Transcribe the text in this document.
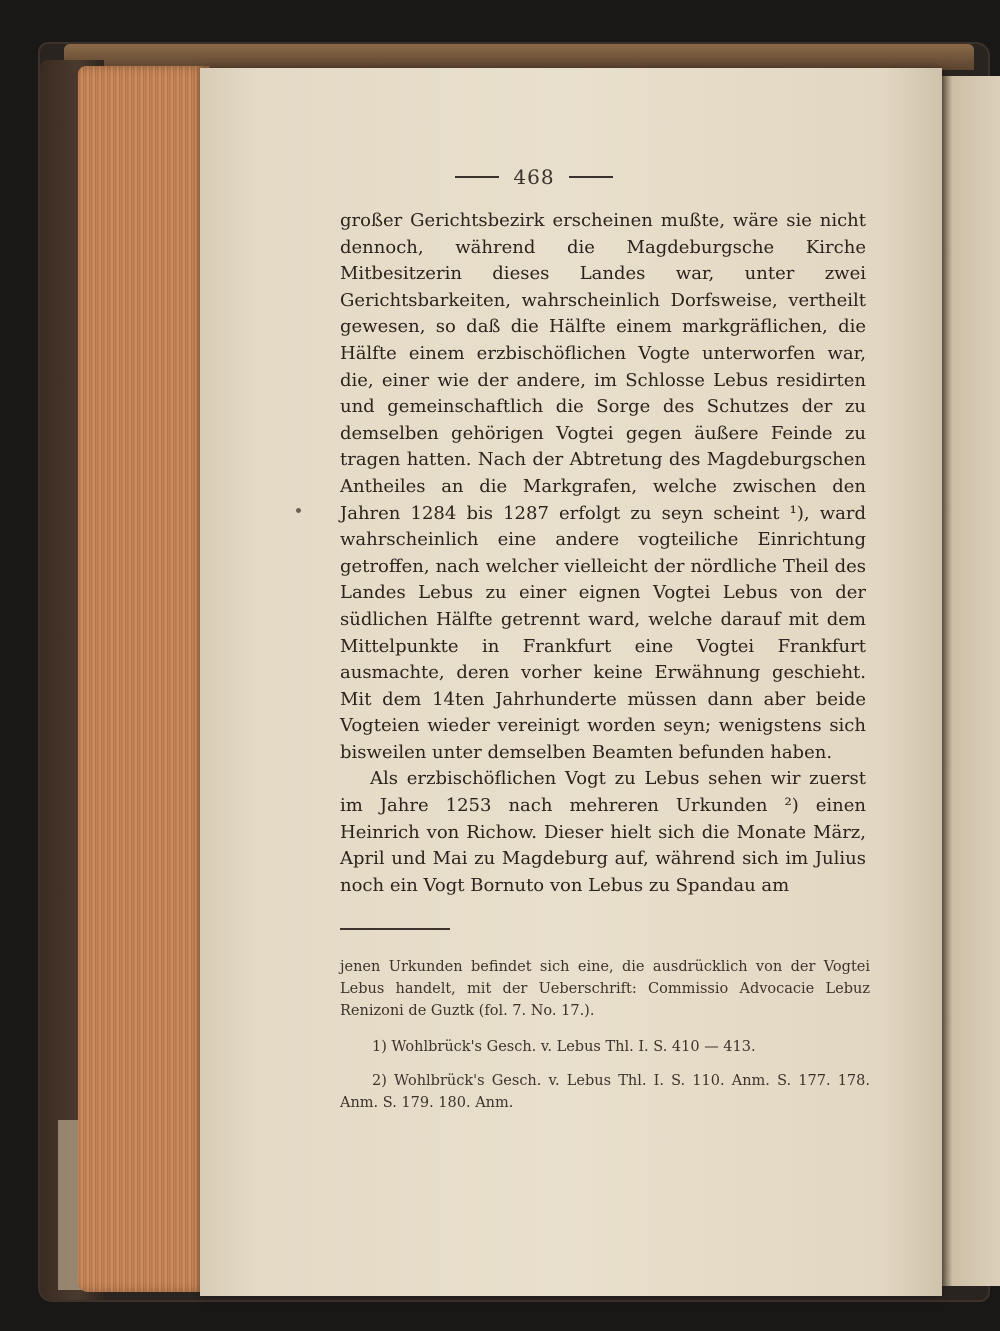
468

großer Gerichtsbezirk erscheinen mußte, wäre sie nicht dennoch, während die Magdeburgsche Kirche Mitbesitzerin dieses Landes war, unter zwei Gerichtsbarkeiten, wahrscheinlich Dorfsweise, vertheilt gewesen, so daß die Hälfte einem markgräflichen, die Hälfte einem erzbischöflichen Vogte unterworfen war, die, einer wie der andere, im Schlosse Lebus residirten und gemeinschaftlich die Sorge des Schutzes der zu demselben gehörigen Vogtei gegen äußere Feinde zu tragen hatten. Nach der Abtretung des Magdeburgschen Antheiles an die Markgrafen, welche zwischen den Jahren 1284 bis 1287 erfolgt zu seyn scheint ¹), ward wahrscheinlich eine andere vogteiliche Einrichtung getroffen, nach welcher vielleicht der nördliche Theil des Landes Lebus zu einer eignen Vogtei Lebus von der südlichen Hälfte getrennt ward, welche darauf mit dem Mittelpunkte in Frankfurt eine Vogtei Frankfurt ausmachte, deren vorher keine Erwähnung geschieht. Mit dem 14ten Jahrhunderte müssen dann aber beide Vogteien wieder vereinigt worden seyn; wenigstens sich bisweilen unter demselben Beamten befunden haben.

Als erzbischöflichen Vogt zu Lebus sehen wir zuerst im Jahre 1253 nach mehreren Urkunden ²) einen Heinrich von Richow. Dieser hielt sich die Monate März, April und Mai zu Magdeburg auf, während sich im Julius noch ein Vogt Bornuto von Lebus zu Spandau am

jenen Urkunden befindet sich eine, die ausdrücklich von der Vogtei Lebus handelt, mit der Ueberschrift: Commissio Advocacie Lebuz Renizoni de Guztk (fol. 7. No. 17.).

1) Wohlbrück's Gesch. v. Lebus Thl. I. S. 410 — 413.

2) Wohlbrück's Gesch. v. Lebus Thl. I. S. 110. Anm. S. 177. 178. Anm. S. 179. 180. Anm.
